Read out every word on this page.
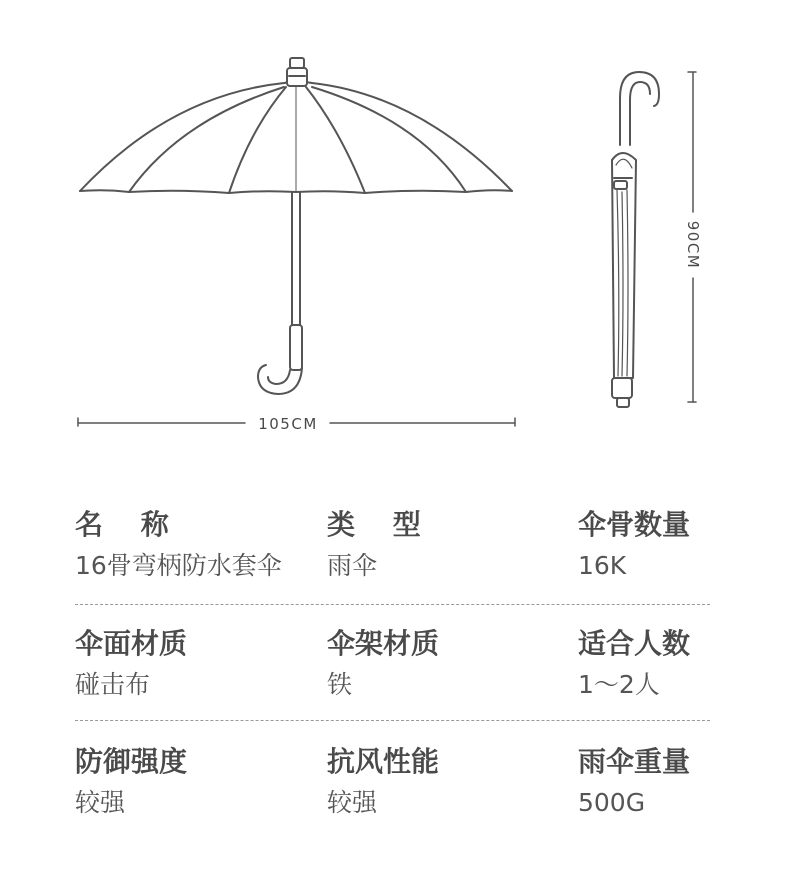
105CM
90CM
名 称
16骨弯柄防水套伞
类 型
雨伞
伞骨数量
16K
伞面材质
碰击布
伞架材质
铁
适合人数
1～2人
防御强度
较强
抗风性能
较强
雨伞重量
500G
